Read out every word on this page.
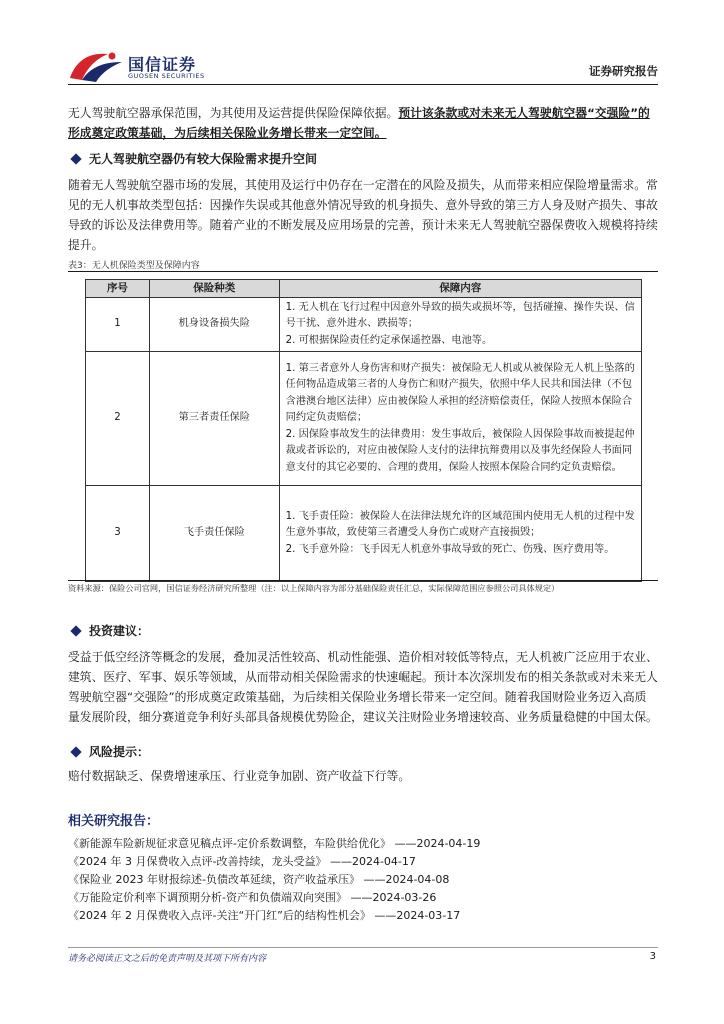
国信证券
GUOSEN SECURITIES	证券研究报告
无人驾驶航空器承保范围，为其使用及运营提供保险保障依据。预计该条款或对未来无人驾驶航空器“交强险”的形成奠定政策基础，为后续相关保险业务增长带来一定空间。
无人驾驶航空器仍有较大保险需求提升空间
随着无人驾驶航空器市场的发展，其使用及运行中仍存在一定潜在的风险及损失，从而带来相应保险增量需求。常见的无人机事故类型包括：因操作失误或其他意外情况导致的机身损失、意外导致的第三方人身及财产损失、事故导致的诉讼及法律费用等。随着产业的不断发展及应用场景的完善，预计未来无人驾驶航空器保费收入规模将持续提升。
表3：无人机保险类型及保障内容
序号	保险种类	保障内容
1	机身设备损失险	1. 无人机在飞行过程中因意外导致的损失或损坏等，包括碰撞、操作失误、信号干扰、意外进水、跌损等；
2. 可根据保险责任约定承保遥控器、电池等。

2	第三者责任保险	1. 第三者意外人身伤害和财产损失：被保险无人机或从被保险无人机上坠落的任何物品造成第三者的人身伤亡和财产损失，依照中华人民共和国法律（不包含港澳台地区法律）应由被保险人承担的经济赔偿责任，保险人按照本保险合同约定负责赔偿；
2. 因保险事故发生的法律费用：发生事故后，被保险人因保险事故而被提起仲裁或者诉讼的，对应由被保险人支付的法律抗辩费用以及事先经保险人书面同意支付的其它必要的、合理的费用，保险人按照本保险合同约定负责赔偿。

3	飞手责任保险	1. 飞手责任险：被保险人在法律法规允许的区域范围内使用无人机的过程中发生意外事故，致使第三者遭受人身伤亡或财产直接损毁；
2. 飞手意外险：飞手因无人机意外事故导致的死亡、伤残、医疗费用等。
资料来源：保险公司官网，国信证券经济研究所整理（注：以上保障内容为部分基础保险责任汇总，实际保障范围应参照公司具体规定）
投资建议：
受益于低空经济等概念的发展，叠加灵活性较高、机动性能强、造价相对较低等特点，无人机被广泛应用于农业、建筑、医疗、军事、娱乐等领域，从而带动相关保险需求的快速崛起。预计本次深圳发布的相关条款或对未来无人驾驶航空器“交强险”的形成奠定政策基础，为后续相关保险业务增长带来一定空间。随着我国财险业务迈入高质量发展阶段，细分赛道竞争利好头部具备规模优势险企，建议关注财险业务增速较高、业务质量稳健的中国太保。
风险提示：
赔付数据缺乏、保费增速承压、行业竞争加剧、资产收益下行等。
相关研究报告：
《新能源车险新规征求意见稿点评-定价系数调整，车险供给优化》 ——2024-04-19
《2024 年 3 月保费收入点评-改善持续，龙头受益》 ——2024-04-17
《保险业 2023 年财报综述-负债改革延续，资产收益承压》 ——2024-04-08
《万能险定价利率下调预期分析-资产和负债端双向突围》 ——2024-03-26
《2024 年 2 月保费收入点评-关注“开门红”后的结构性机会》 ——2024-03-17
请务必阅读正文之后的免责声明及其项下所有内容	3
